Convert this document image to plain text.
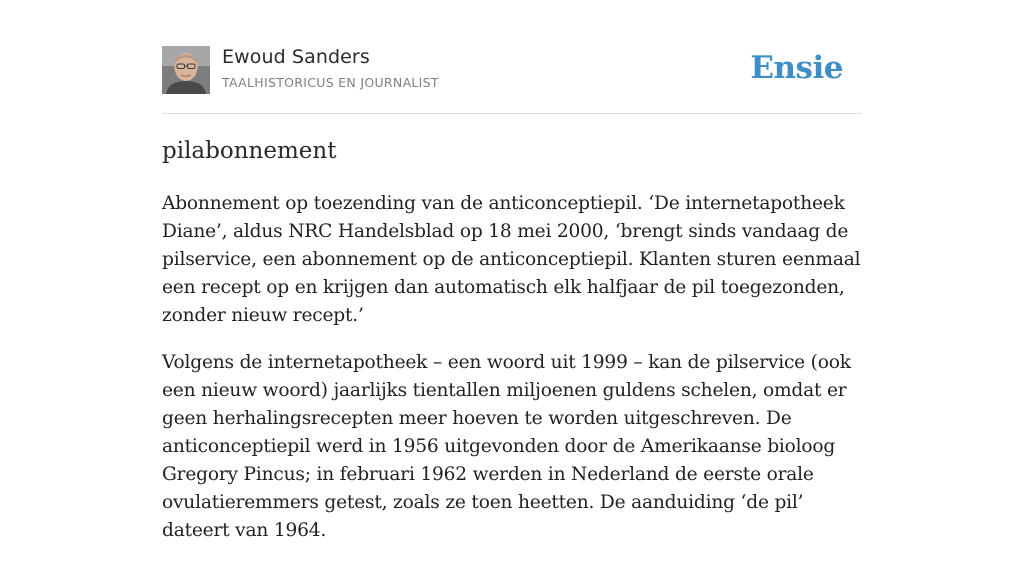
Ewoud Sanders
TAALHISTORICUS EN JOURNALIST	Ensie
pilabonnement

Abonnement op toezending van de anticonceptiepil. ‘De internetapotheek Diane’, aldus NRC Handelsblad op 18 mei 2000, ‘brengt sinds vandaag de pilservice, een abonnement op de anticonceptiepil. Klanten sturen eenmaal een recept op en krijgen dan automatisch elk halfjaar de pil toegezonden, zonder nieuw recept.’

Volgens de internetapotheek – een woord uit 1999 – kan de pilservice (ook een nieuw woord) jaarlijks tientallen miljoenen guldens schelen, omdat er geen herhalingsrecepten meer hoeven te worden uitgeschreven. De anticonceptiepil werd in 1956 uitgevonden door de Amerikaanse bioloog Gregory Pincus; in februari 1962 werden in Nederland de eerste orale ovulatieremmers getest, zoals ze toen heetten. De aanduiding ‘de pil’ dateert van 1964.
